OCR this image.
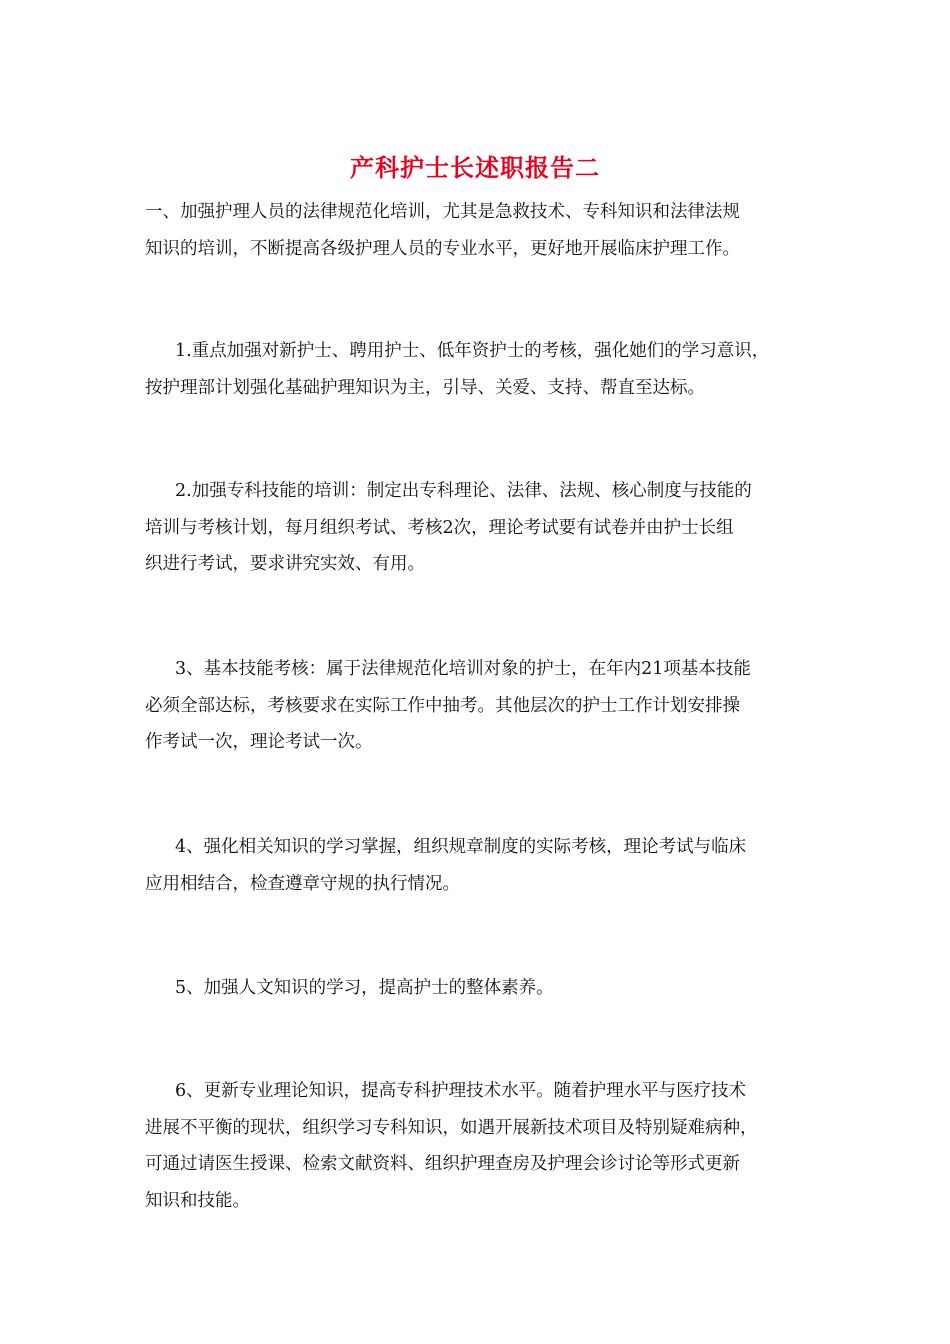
产科护士长述职报告二

一、加强护理人员的法律规范化培训，尤其是急救技术、专科知识和法律法规
知识的培训，不断提高各级护理人员的专业水平，更好地开展临床护理工作。

1.重点加强对新护士、聘用护士、低年资护士的考核，强化她们的学习意识，
按护理部计划强化基础护理知识为主，引导、关爱、支持、帮直至达标。

2.加强专科技能的培训：制定出专科理论、法律、法规、核心制度与技能的
培训与考核计划，每月组织考试、考核2次，理论考试要有试卷并由护士长组
织进行考试，要求讲究实效、有用。

3、基本技能考核：属于法律规范化培训对象的护士，在年内21项基本技能
必须全部达标，考核要求在实际工作中抽考。其他层次的护士工作计划安排操
作考试一次，理论考试一次。

4、强化相关知识的学习掌握，组织规章制度的实际考核，理论考试与临床
应用相结合，检查遵章守规的执行情况。

5、加强人文知识的学习，提高护士的整体素养。

6、更新专业理论知识，提高专科护理技术水平。随着护理水平与医疗技术
进展不平衡的现状，组织学习专科知识，如遇开展新技术项目及特别疑难病种，
可通过请医生授课、检索文献资料、组织护理查房及护理会诊讨论等形式更新
知识和技能。
